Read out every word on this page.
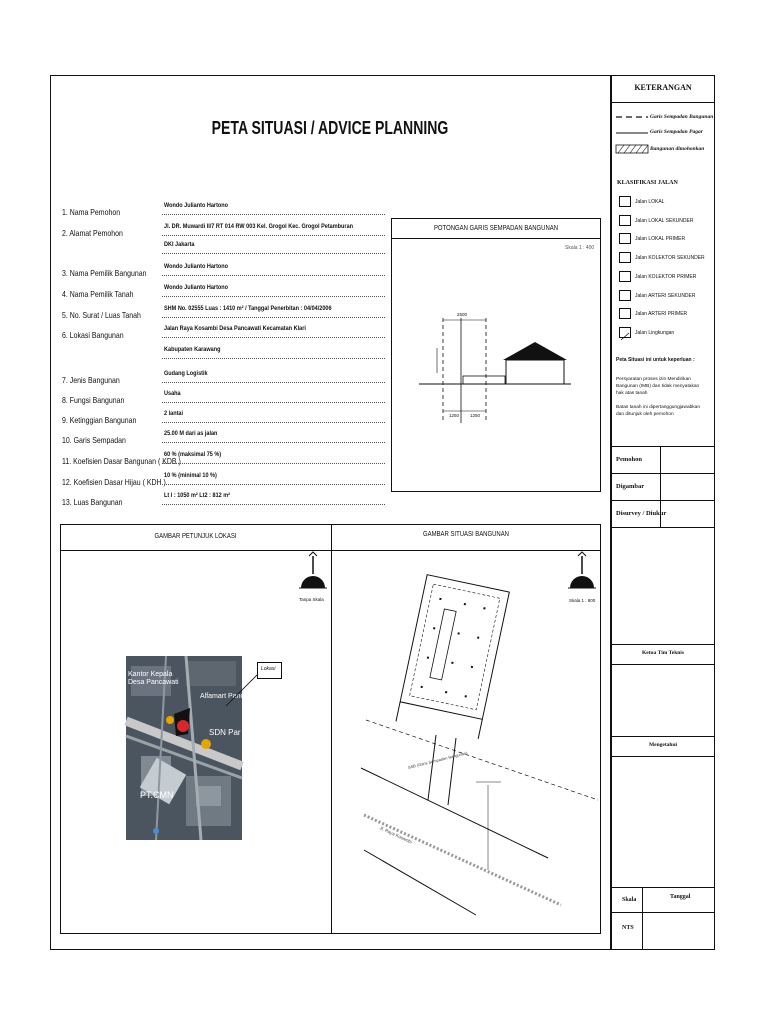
PETA SITUASI / ADVICE PLANNING
1. Nama Pemohon
Wondo Julianto Hartono
2. Alamat Pemohon
Jl. DR. Muwardi II/7 RT 014 RW 003 Kel. Grogol Kec. Grogol Petamburan
DKI Jakarta
3. Nama Pemilik Bangunan
Wondo Julianto Hartono
4. Nama Pemilik Tanah
Wondo Julianto Hartono
5. No. Surat / Luas Tanah
SHM No. 02555 Luas : 1410 m² / Tanggal Penerbitan : 04/04/2006
6. Lokasi Bangunan
Jalan Raya Kosambi Desa Pancawati Kecamatan Klari
Kabupaten Karawang
7. Jenis Bangunan
Gudang Logistik
8. Fungsi Bangunan
Usaha
9. Ketinggian Bangunan
2 lantai
10. Garis Sempadan
25.00 M dari as jalan
11. Koefisien Dasar Bangunan ( KDB )
60 % (maksimal 75 %)
12. Koefisien Dasar Hijau ( KDH )
10 % (minimal 10 %)
13. Luas Bangunan
Lt I : 1050 m² Lt2 : 812 m²
POTONGAN GARIS SEMPADAN BANGUNAN
Skala 1 : 400
2500
1250 1250
GAMBAR PETUNJUK LOKASI	GAMBAR SITUASI BANGUNAN
Tanpa Skala	Skala 1 : 800
Kantor Kepala Desa Pancawati
Alfamart Pancawati
SDN Par
PT.CMN
Lokasi
Jl. Raya Kosambi
SSB (Garis Sempadan Bangunan)
KETERANGAN
Garis Sempadan Bangunan
Garis Sempadan Pagar
Bangunan dimohonkan
KLASIFIKASI JALAN
Jalan LOKAL
Jalan LOKAL SEKUNDER
Jalan LOKAL PRIMER
Jalan KOLEKTOR SEKUNDER
Jalan KOLEKTOR PRIMER
Jalan ARTERI SEKUNDER
Jalan ARTERI PRIMER
Jalan Lingkungan
Peta Situasi ini untuk keperluan :
Persyaratan proses izin Mendirikan Bangunan (IMB) dan tidak menyatakan hak atas tanah
Batas tanah ini dipertanggungjawabkan dan ditunjuk oleh pemohon
Pemohon
Digambar
Disurvey / Diukur
Ketua Tim Teknis
Mengetahui
Skala	Tanggal
NTS
